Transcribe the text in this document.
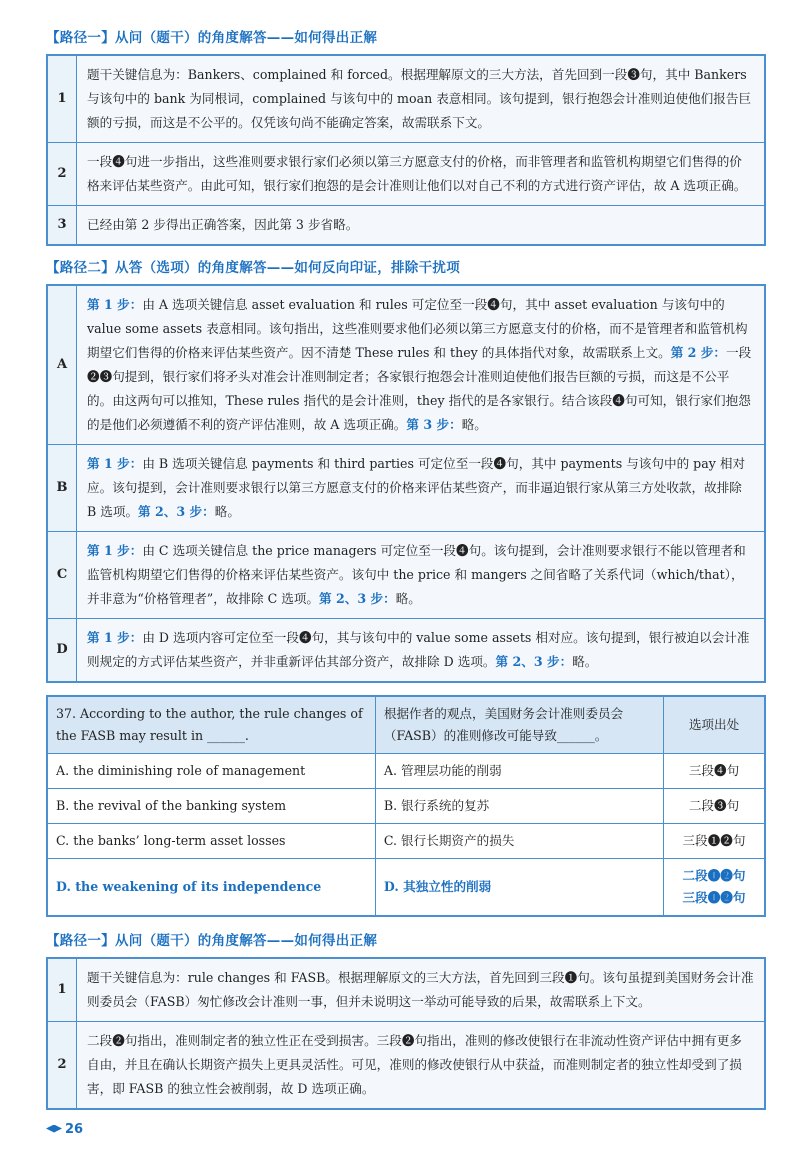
【路径一】从问（题干）的角度解答——如何得出正解
1	题干关键信息为：Bankers、complained 和 forced。根据理解原文的三大方法，首先回到一段❸句，其中 Bankers 与该句中的 bank 为同根词，complained 与该句中的 moan 表意相同。该句提到，银行抱怨会计准则迫使他们报告巨额的亏损，而这是不公平的。仅凭该句尚不能确定答案，故需联系下文。
2	一段❹句进一步指出，这些准则要求银行家们必须以第三方愿意支付的价格，而非管理者和监管机构期望它们售得的价格来评估某些资产。由此可知，银行家们抱怨的是会计准则让他们以对自己不利的方式进行资产评估，故 A 选项正确。
3	已经由第 2 步得出正确答案，因此第 3 步省略。
【路径二】从答（选项）的角度解答——如何反向印证，排除干扰项
A	第 1 步：由 A 选项关键信息 asset evaluation 和 rules 可定位至一段❹句，其中 asset evaluation 与该句中的 value some assets 表意相同。该句指出，这些准则要求他们必须以第三方愿意支付的价格，而不是管理者和监管机构期望它们售得的价格来评估某些资产。因不清楚 These rules 和 they 的具体指代对象，故需联系上文。第 2 步：一段❷❸句提到，银行家们将矛头对准会计准则制定者；各家银行抱怨会计准则迫使他们报告巨额的亏损，而这是不公平的。由这两句可以推知，These rules 指代的是会计准则，they 指代的是各家银行。结合该段❹句可知，银行家们抱怨的是他们必须遵循不利的资产评估准则，故 A 选项正确。第 3 步：略。
B	第 1 步：由 B 选项关键信息 payments 和 third parties 可定位至一段❹句，其中 payments 与该句中的 pay 相对应。该句提到，会计准则要求银行以第三方愿意支付的价格来评估某些资产，而非逼迫银行家从第三方处收款，故排除 B 选项。第 2、3 步：略。
C	第 1 步：由 C 选项关键信息 the price managers 可定位至一段❹句。该句提到，会计准则要求银行不能以管理者和监管机构期望它们售得的价格来评估某些资产。该句中 the price 和 mangers 之间省略了关系代词（which/that），并非意为“价格管理者”，故排除 C 选项。第 2、3 步：略。
D	第 1 步：由 D 选项内容可定位至一段❹句，其与该句中的 value some assets 相对应。该句提到，银行被迫以会计准则规定的方式评估某些资产，并非重新评估其部分资产，故排除 D 选项。第 2、3 步：略。
37. According to the author, the rule changes of the FASB may result in ______.	根据作者的观点，美国财务会计准则委员会（FASB）的准则修改可能导致______。	选项出处
A. the diminishing role of management	A. 管理层功能的削弱	三段❹句
B. the revival of the banking system	B. 银行系统的复苏	二段❸句
C. the banks’ long-term asset losses	C. 银行长期资产的损失	三段❶❷句
D. the weakening of its independence	D. 其独立性的削弱	二段❶❷句
三段❶❷句
【路径一】从问（题干）的角度解答——如何得出正解
1	题干关键信息为：rule changes 和 FASB。根据理解原文的三大方法，首先回到三段❶句。该句虽提到美国财务会计准则委员会（FASB）匆忙修改会计准则一事，但并未说明这一举动可能导致的后果，故需联系上下文。
2	二段❷句指出，准则制定者的独立性正在受到损害。三段❷句指出，准则的修改使银行在非流动性资产评估中拥有更多自由，并且在确认长期资产损失上更具灵活性。可见，准则的修改使银行从中获益，而准则制定者的独立性却受到了损害，即 FASB 的独立性会被削弱，故 D 选项正确。
26
